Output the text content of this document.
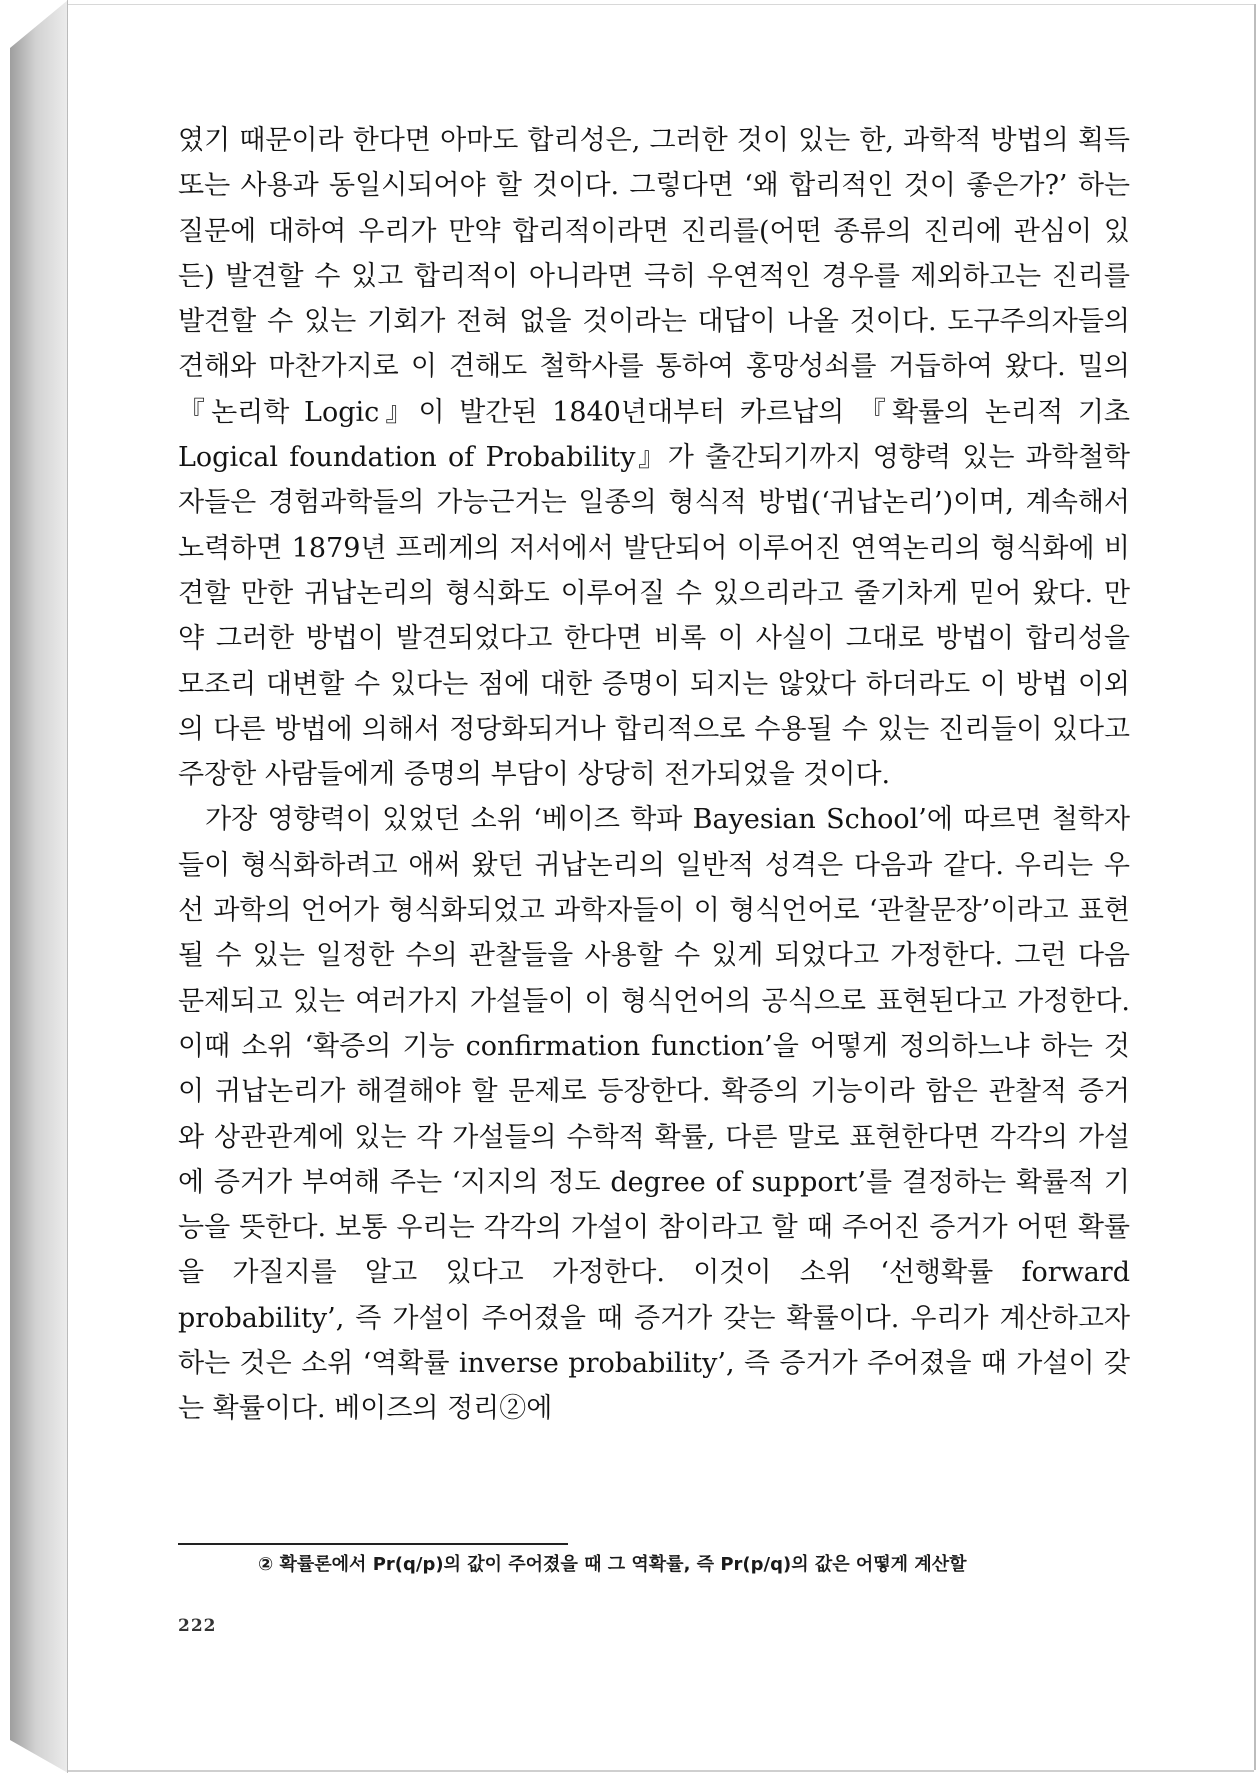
였기 때문이라 한다면 아마도 합리성은, 그러한 것이 있는 한, 과학적 방법의 획득 또는 사용과 동일시되어야 할 것이다. 그렇다면 ‘왜 합리적인 것이 좋은가?’ 하는 질문에 대하여 우리가 만약 합리적이라면 진리를(어떤 종류의 진리에 관심이 있든) 발견할 수 있고 합리적이 아니라면 극히 우연적인 경우를 제외하고는 진리를 발견할 수 있는 기회가 전혀 없을 것이라는 대답이 나올 것이다. 도구주의자들의 견해와 마찬가지로 이 견해도 철학사를 통하여 홍망성쇠를 거듭하여 왔다. 밀의 『논리학 Logic』이 발간된 1840년대부터 카르납의 『확률의 논리적 기초 Logical foundation of Probability』가 출간되기까지 영향력 있는 과학철학자들은 경험과학들의 가능근거는 일종의 형식적 방법(‘귀납논리’)이며, 계속해서 노력하면 1879년 프레게의 저서에서 발단되어 이루어진 연역논리의 형식화에 비견할 만한 귀납논리의 형식화도 이루어질 수 있으리라고 줄기차게 믿어 왔다. 만약 그러한 방법이 발견되었다고 한다면 비록 이 사실이 그대로 방법이 합리성을 모조리 대변할 수 있다는 점에 대한 증명이 되지는 않았다 하더라도 이 방법 이외의 다른 방법에 의해서 정당화되거나 합리적으로 수용될 수 있는 진리들이 있다고 주장한 사람들에게 증명의 부담이 상당히 전가되었을 것이다.

가장 영향력이 있었던 소위 ‘베이즈 학파 Bayesian School’에 따르면 철학자들이 형식화하려고 애써 왔던 귀납논리의 일반적 성격은 다음과 같다. 우리는 우선 과학의 언어가 형식화되었고 과학자들이 이 형식언어로 ‘관찰문장’이라고 표현될 수 있는 일정한 수의 관찰들을 사용할 수 있게 되었다고 가정한다. 그런 다음 문제되고 있는 여러가지 가설들이 이 형식언어의 공식으로 표현된다고 가정한다. 이때 소위 ‘확증의 기능 confirmation function’을 어떻게 정의하느냐 하는 것이 귀납논리가 해결해야 할 문제로 등장한다. 확증의 기능이라 함은 관찰적 증거와 상관관계에 있는 각 가설들의 수학적 확률, 다른 말로 표현한다면 각각의 가설에 증거가 부여해 주는 ‘지지의 정도 degree of support’를 결정하는 확률적 기능을 뜻한다. 보통 우리는 각각의 가설이 참이라고 할 때 주어진 증거가 어떤 확률을 가질지를 알고 있다고 가정한다. 이것이 소위 ‘선행확률 forward probability’, 즉 가설이 주어졌을 때 증거가 갖는 확률이다. 우리가 계산하고자 하는 것은 소위 ‘역확률 inverse probability’, 즉 증거가 주어졌을 때 가설이 갖는 확률이다. 베이즈의 정리②에

② 확률론에서 Pr(q/p)의 값이 주어졌을 때 그 역확률, 즉 Pr(p/q)의 값은 어떻게 계산할
222
